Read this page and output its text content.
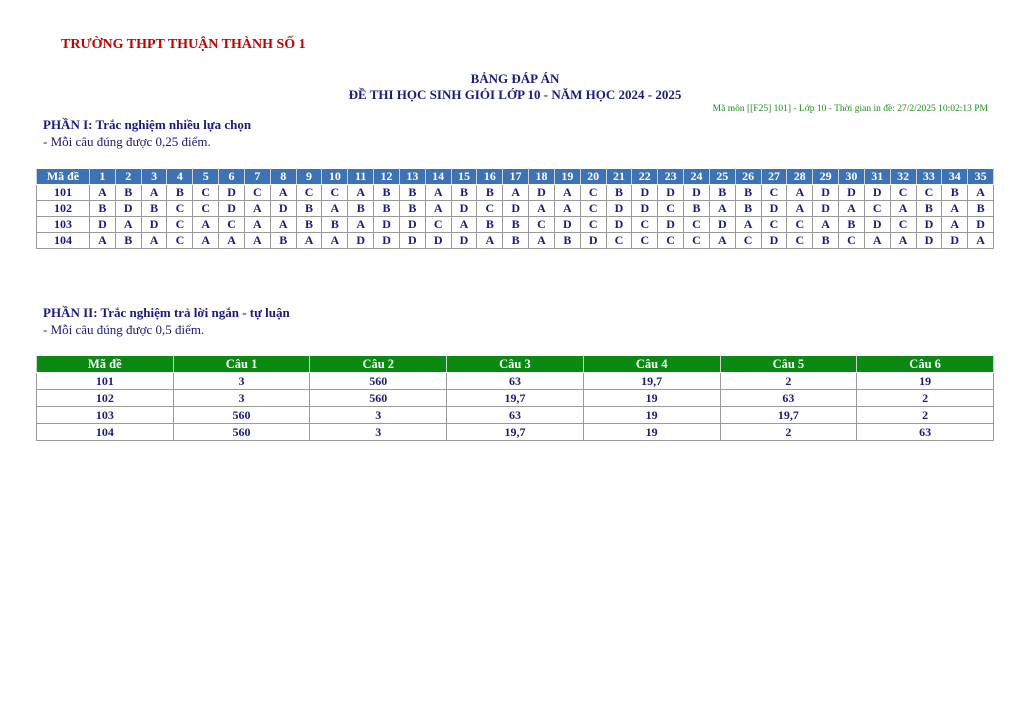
TRƯỜNG THPT THUẬN THÀNH SỐ 1
BẢNG ĐÁP ÁN
ĐỀ THI HỌC SINH GIỎI LỚP 10 - NĂM HỌC 2024 - 2025
Mã môn [[F25] 101] - Lớp 10 - Thời gian in đề: 27/2/2025 10:02:13 PM
PHẦN I: Trắc nghiệm nhiều lựa chọn
- Mỗi câu đúng được 0,25 điểm.
Mã đề	1	2	3	4	5	6	7	8	9	10	11	12	13	14	15	16	17	18	19	20	21	22	23	24	25	26	27	28	29	30	31	32	33	34	35
101	A	B	A	B	C	D	C	A	C	C	A	B	B	A	B	B	A	D	A	C	B	D	D	D	B	B	C	A	D	D	D	C	C	B	A
102	B	D	B	C	C	D	A	D	B	A	B	B	B	A	D	C	D	A	A	C	D	D	C	B	A	B	D	A	D	A	C	A	B	A	B
103	D	A	D	C	A	C	A	A	B	B	A	D	D	C	A	B	B	C	D	C	D	C	D	C	D	A	C	C	A	B	D	C	D	A	D
104	A	B	A	C	A	A	A	B	A	A	D	D	D	D	D	A	B	A	B	D	C	C	C	C	A	C	D	C	B	C	A	A	D	D	A
PHẦN II: Trắc nghiệm trả lời ngắn - tự luận
- Mỗi câu đúng được 0,5 điểm.
Mã đề	Câu 1	Câu 2	Câu 3	Câu 4	Câu 5	Câu 6
101	3	560	63	19,7	2	19
102	3	560	19,7	19	63	2
103	560	3	63	19	19,7	2
104	560	3	19,7	19	2	63
